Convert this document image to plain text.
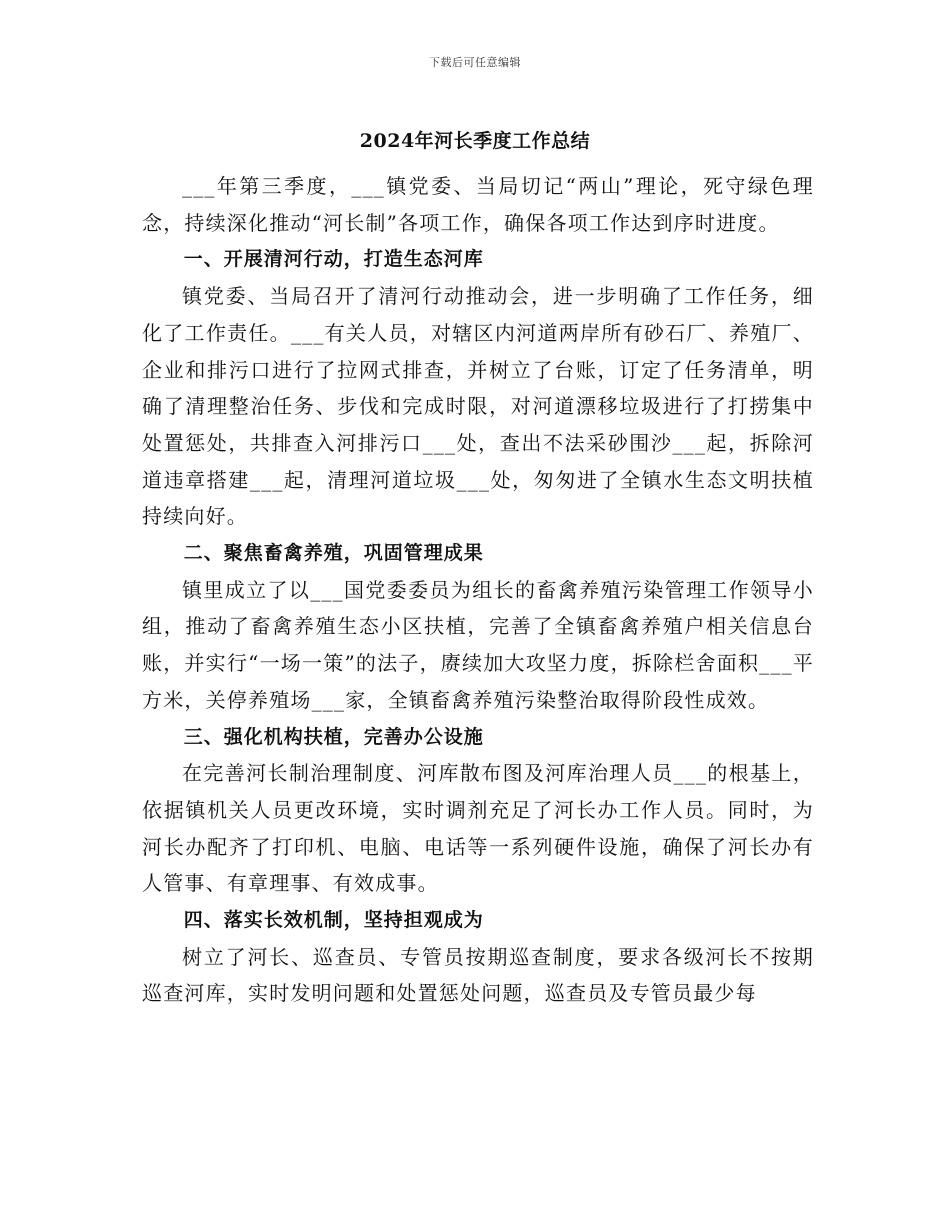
下载后可任意编辑
2024年河长季度工作总结

___年第三季度，___镇党委、当局切记“两山”理论，死守绿色理念，持续深化推动“河长制”各项工作，确保各项工作达到序时进度。

一、开展清河行动，打造生态河库

镇党委、当局召开了清河行动推动会，进一步明确了工作任务，细化了工作责任。___有关人员，对辖区内河道两岸所有砂石厂、养殖厂、企业和排污口进行了拉网式排查，并树立了台账，订定了任务清单，明确了清理整治任务、步伐和完成时限，对河道漂移垃圾进行了打捞集中处置惩处，共排查入河排污口___处，查出不法采砂围沙___起，拆除河道违章搭建___起，清理河道垃圾___处，匆匆进了全镇水生态文明扶植持续向好。

二、聚焦畜禽养殖，巩固管理成果

镇里成立了以___国党委委员为组长的畜禽养殖污染管理工作领导小组，推动了畜禽养殖生态小区扶植，完善了全镇畜禽养殖户相关信息台账，并实行“一场一策”的法子，赓续加大攻坚力度，拆除栏舍面积___平方米，关停养殖场___家，全镇畜禽养殖污染整治取得阶段性成效。

三、强化机构扶植，完善办公设施

在完善河长制治理制度、河库散布图及河库治理人员___的根基上，依据镇机关人员更改环境，实时调剂充足了河长办工作人员。同时，为河长办配齐了打印机、电脑、电话等一系列硬件设施，确保了河长办有人管事、有章理事、有效成事。

四、落实长效机制，坚持担观成为

树立了河长、巡查员、专管员按期巡查制度，要求各级河长不按期巡查河库，实时发明问题和处置惩处问题，巡查员及专管员最少每
